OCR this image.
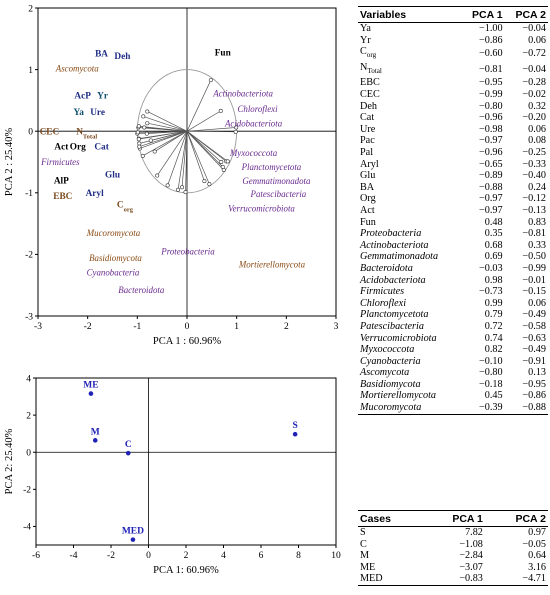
-3	-2	-1	0	1	2	3
2
1
0
-1
-2
-3
PCA 1 : 60.96%
PCA 2 : 25.40%
BA Deh	Fun
Ascomycota
Actinobacteriota
AcP Yr
Chloroflexi
Ya Ure
Acidobacteriota
CEC $N_{Total}$
Act Org Cat
Myxococcota
Firmicutes	Planctomycetota
Glu
AlP	Gemmatimonadota
Patescibacteria
Aryl
EBC
$C_{org}$	Verrucomicrobiota
Mucoromycota
Proteobacteria
Basidiomycota
Mortierellomycota
Cyanobacteria
Bacteroidota
-6	-4	-2	0	2	4	6	8	10
4
2
0
-2
-4
PCA 1: 60.96%
PCA 2: 25.40%
S
C
M
ME
MED
Variables	PCA 1	PCA 2
Ya	−1.00	−0.04
Yr	−0.86	0.06
$C_{org}$	−0.60	−0.72
$N_{Total}$	−0.81	−0.04
EBC	−0.95	−0.28
CEC	−0.99	−0.02
Deh	−0.80	0.32
Cat	−0.96	−0.20
Ure	−0.98	0.06
Pac	−0.97	0.08
Pal	−0.96	−0.25
Aryl	−0.65	−0.33
Glu	−0.89	−0.40
BA	−0.88	0.24
Org	−0.97	−0.12
Act	−0.97	−0.13
Fun	0.48	0.83
Proteobacteria	0.35	−0.81
Actinobacteriota	0.68	0.33
Gemmatimonadota	0.69	−0.50
Bacteroidota	−0.03	−0.99
Acidobacteriota	0.98	−0.01
Firmicutes	−0.73	−0.15
Chloroflexi	0.99	0.06
Planctomycetota	0.79	−0.49
Patescibacteria	0.72	−0.58
Verrucomicrobiota	0.74	−0.63
Myxococcota	0.82	−0.49
Cyanobacteria	−0.10	−0.91
Ascomycota	−0.80	0.13
Basidiomycota	−0.18	−0.95
Mortierellomycota	0.45	−0.86
Mucoromycota	−0.39	−0.88
Cases	PCA 1	PCA 2
S	7.82	0.97
C	−1.08	−0.05
M	−2.84	0.64
ME	−3.07	3.16
MED	−0.83	−4.71
